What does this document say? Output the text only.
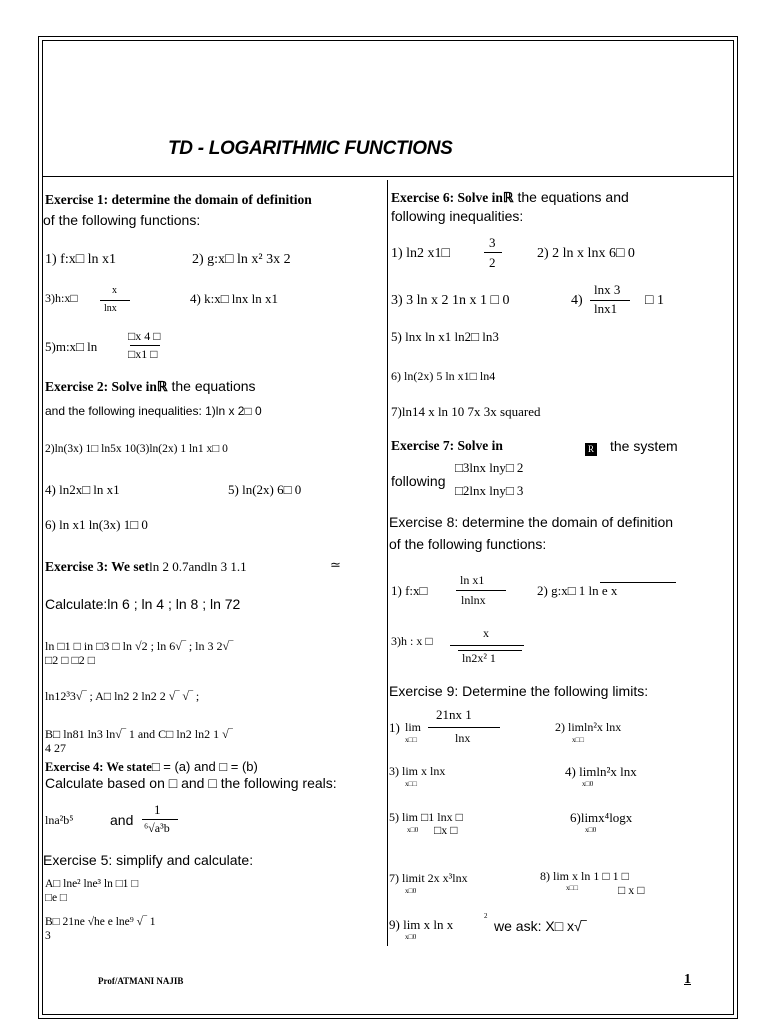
TD - LOGARITHMIC FUNCTIONS
Exercise 1: determine the domain of definition
of the following functions:
1) f:x□ ln x1	2) g:x□ ln x² 3x 2
3)h:x□
x
lnx
4) k:x□ lnx ln x1
5)m:x□ ln
□x 4 □
□x1 □
Exercise 2: Solve inℝ the equations
and the following inequalities: 1)ln x 2□ 0
2)ln(3x) 1□ ln5x 10(3)ln(2x) 1 ln1 x□ 0
4) ln2x□ ln x1	5) ln(2x) 6□ 0
6) ln x1 ln(3x) 1□ 0
Exercise 3: We setln 2 0.7andln 3 1.1	≃
Calculate:ln 6 ; ln 4 ; ln 8 ; ln 72
ln □1 □ in □3 □ ln √2 ; ln 6√‾ ; ln 3 2√‾
□2 □ □2 □
ln12³3√‾ ; A□ ln2 2 ln2 2 √‾ √‾ ;
B□ ln81 ln3 ln√‾ 1 and C□ ln2 ln2 1 √‾
4 27
Exercise 4: We state□ = (a) and □ = (b)
Calculate based on □ and □ the following reals:
lna²b⁵	and
1
⁶√a³b
Exercise 5: simplify and calculate:
A□ lne² lne³ ln □1 □
□e □
B□ 21ne √he e lne⁹ √‾ 1
3
Exercise 6: Solve inℝ the equations and
following inequalities:
1) ln2 x1□
3
2
2) 2 ln x lnx 6□ 0
3) 3 ln x 2 1n x 1 □ 0	4)
lnx 3
lnx1
□ 1
5) lnx ln x1 ln2□ ln3
6) ln(2x) 5 ln x1□ ln4
7)ln14 x ln 10 7x 3x squared
Exercise 7: Solve in	R the system
following
□3lnx lny□ 2
□2lnx lny□ 3
Exercise 8: determine the domain of definition
of the following functions:
1) f:x□
ln x1
lnlnx
2) g:x□ 1 ln e x
3)h : x □
x
ln2x² 1
Exercise 9: Determine the following limits:
1) lim
x□□
21nx 1
lnx
2) limln²x lnx
x□□
3) lim x lnx
x□□
4) limln²x lnx
x□0
5) lim □1 lnx □
□x □
x□0
6)limx⁴logx
x□0
7) limit 2x x³lnx
x□0
8) lim x ln 1 □ 1 □
□ x □
x□□
9) lim x ln x
2
we ask: X□ x√‾
x□0
Prof/ATMANI NAJIB	1
